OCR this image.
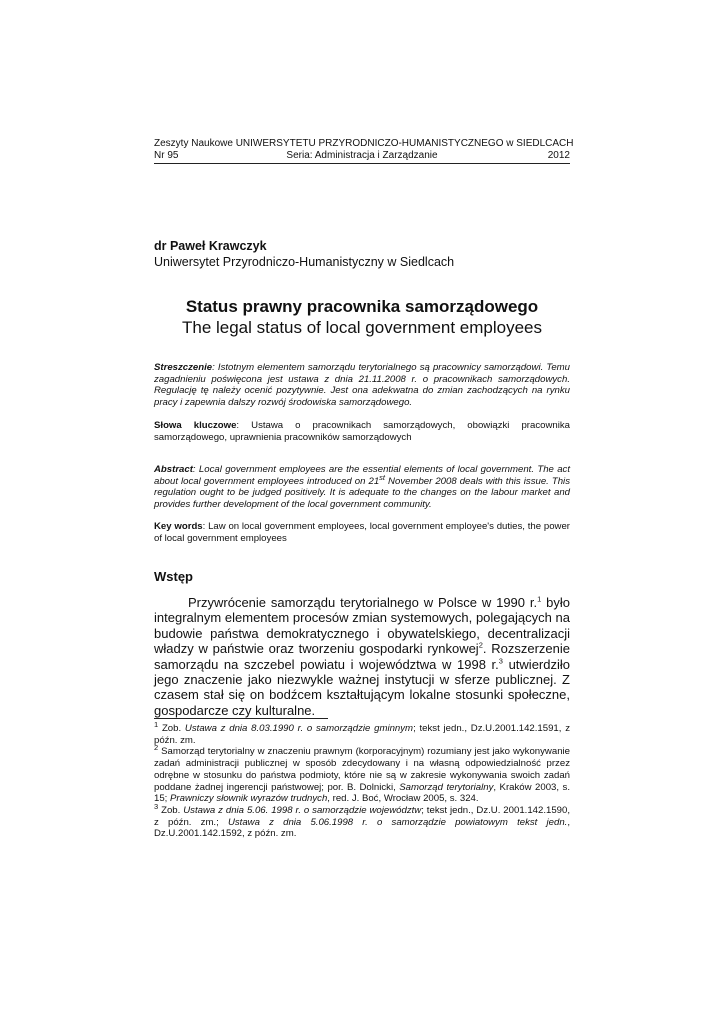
Zeszyty Naukowe UNIWERSYTETU PRZYRODNICZO-HUMANISTYCZNEGO w SIEDLCACH
Nr 95	Seria: Administracja i Zarządzanie	2012
dr Paweł Krawczyk
Uniwersytet Przyrodniczo-Humanistyczny w Siedlcach
Status prawny pracownika samorządowego
The legal status of local government employees
Streszczenie: Istotnym elementem samorządu terytorialnego są pracownicy samorządowi. Temu zagadnieniu poświęcona jest ustawa z dnia 21.11.2008 r. o pracownikach samorządowych. Regulację tę należy ocenić pozytywnie. Jest ona adekwatna do zmian zachodzących na rynku pracy i zapewnia dalszy rozwój środowiska samorządowego.
Słowa kluczowe: Ustawa o pracownikach samorządowych, obowiązki pracownika samorządowego, uprawnienia pracowników samorządowych
Abstract: Local government employees are the essential elements of local government. The act about local government employees introduced on 21st November 2008 deals with this issue. This regulation ought to be judged positively. It is adequate to the changes on the labour market and provides further development of the local government community.
Key words: Law on local government employees, local government employee's duties, the power of local government employees
Wstęp
Przywrócenie samorządu terytorialnego w Polsce w 1990 r.$^1$ było integralnym elementem procesów zmian systemowych, polegających na budowie państwa demokratycznego i obywatelskiego, decentralizacji władzy w państwie oraz tworzeniu gospodarki rynkowej$^2$. Rozszerzenie samorządu na szczebel powiatu i województwa w 1998 r.$^3$ utwierdziło jego znaczenie jako niezwykle ważnej instytucji w sferze publicznej. Z czasem stał się on bodźcem kształtującym lokalne stosunki społeczne, gospodarcze czy kulturalne.

$^1$ Zob. Ustawa z dnia 8.03.1990 r. o samorządzie gminnym; tekst jedn., Dz.U.2001.142.1591, z późn. zm.

$^2$ Samorząd terytorialny w znaczeniu prawnym (korporacyjnym) rozumiany jest jako wykonywanie zadań administracji publicznej w sposób zdecydowany i na własną odpowiedzialność przez odrębne w stosunku do państwa podmioty, które nie są w zakresie wykonywania swoich zadań poddane żadnej ingerencji państwowej; por. B. Dolnicki, Samorząd terytorialny, Kraków 2003, s. 15; Prawniczy słownik wyrazów trudnych, red. J. Boć, Wrocław 2005, s. 324.

$^3$ Zob. Ustawa z dnia 5.06. 1998 r. o samorządzie województw; tekst jedn., Dz.U. 2001.142.1590, z późn. zm.; Ustawa z dnia 5.06.1998 r. o samorządzie powiatowym tekst jedn., Dz.U.2001.142.1592, z późn. zm.
